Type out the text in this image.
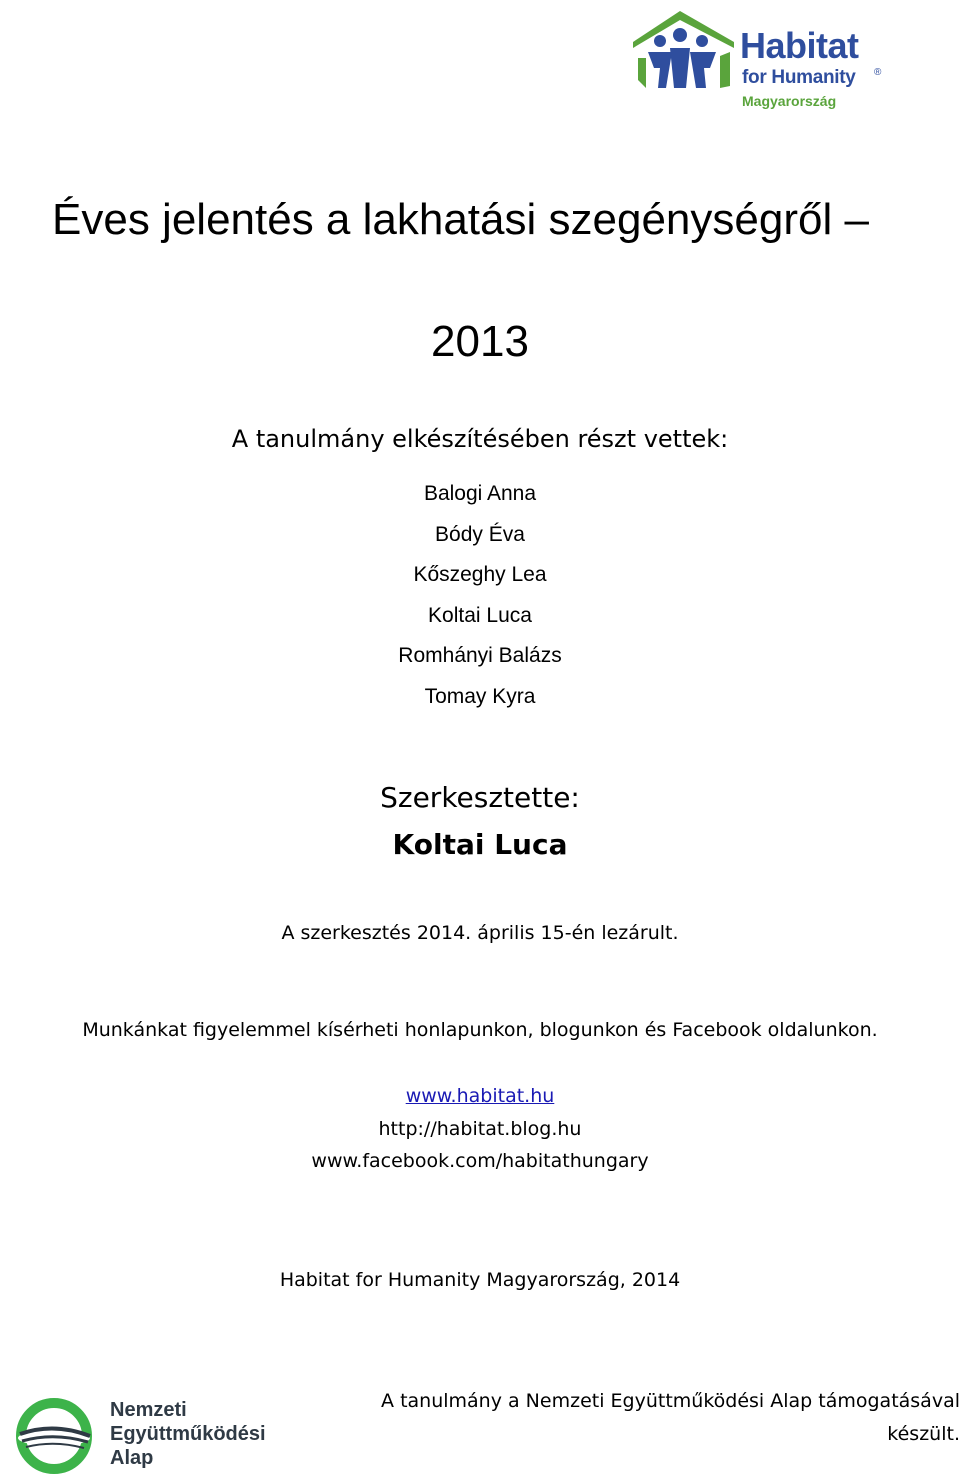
Habitat
for Humanity ®
Magyarország
Éves jelentés a lakhatási szegénységről –
2013
A tanulmány elkészítésében részt vettek:
Balogi Anna
Bódy Éva
Kőszeghy Lea
Koltai Luca
Romhányi Balázs
Tomay Kyra
Szerkesztette:
Koltai Luca
A szerkesztés 2014. április 15-én lezárult.
Munkánkat figyelemmel kísérheti honlapunkon, blogunkon és Facebook oldalunkon.
www.habitat.hu
http://habitat.blog.hu
www.facebook.com/habitathungary
Habitat for Humanity Magyarország, 2014
Nemzeti
Együttműködési
Alap
A tanulmány a Nemzeti Együttműködési Alap támogatásával
készült.
